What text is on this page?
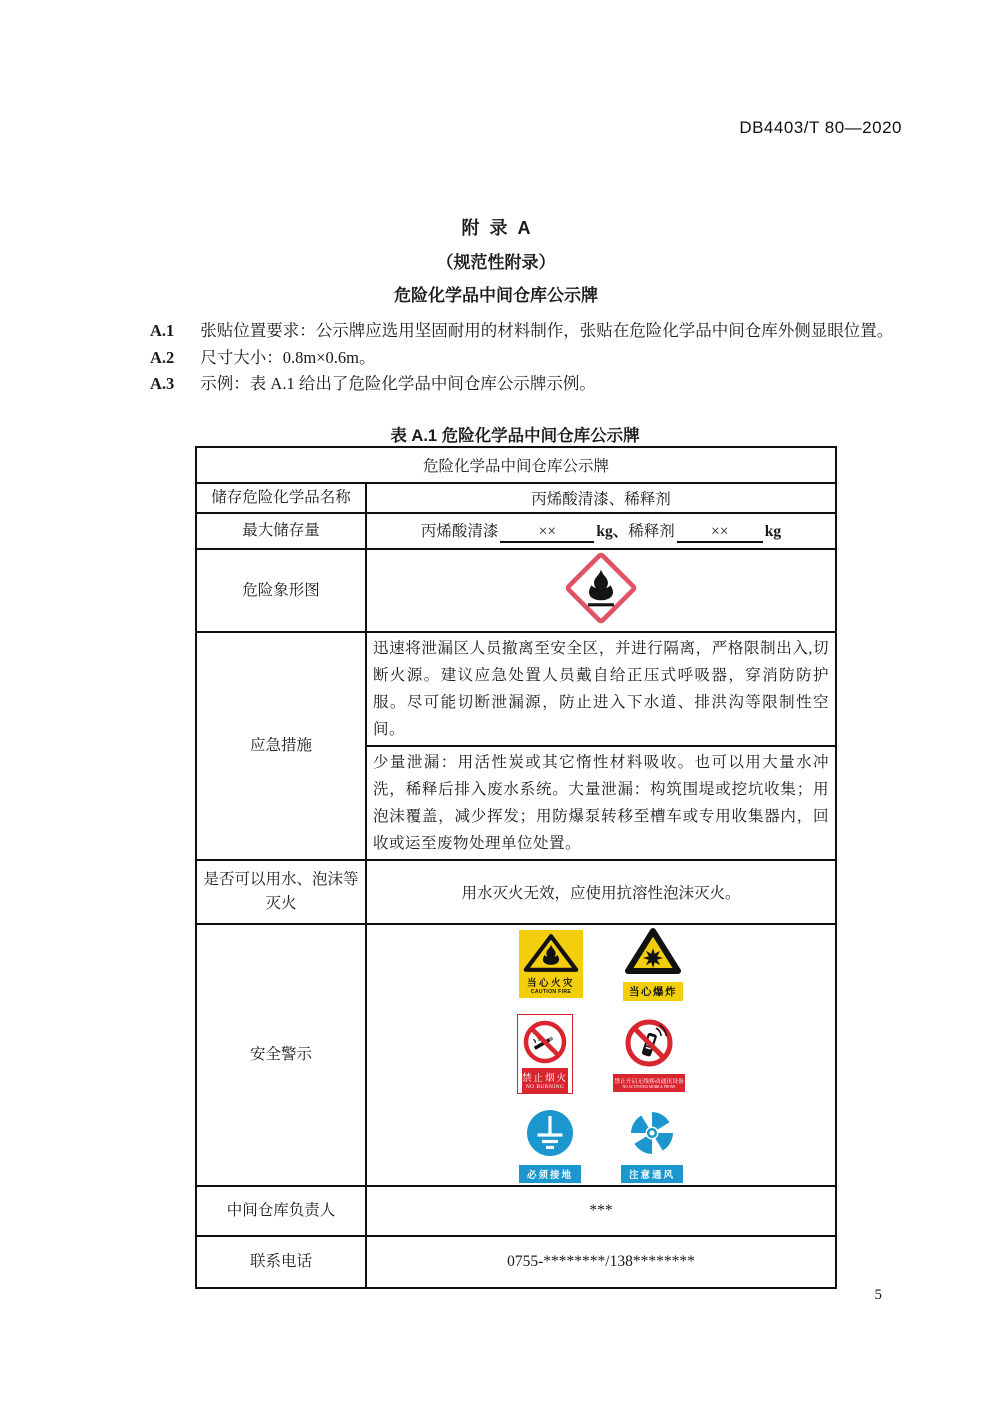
DB4403/T 80—2020
附  录  A
（规范性附录）
危险化学品中间仓库公示牌

A.1 张贴位置要求：公示牌应选用坚固耐用的材料制作，张贴在危险化学品中间仓库外侧显眼位置。

A.2 尺寸大小：0.8m×0.6m。

A.3 示例：表 A.1 给出了危险化学品中间仓库公示牌示例。

表 A.1 危险化学品中间仓库公示牌
危险化学品中间仓库公示牌	
储存危险化学品名称	丙烯酸清漆、稀释剂
最大储存量	丙烯酸清漆 ×× kg、稀释剂 ×× kg
危险象形图	
应急措施	迅速将泄漏区人员撤离至安全区，并进行隔离，严格限制出入,切断火源。建议应急处置人员戴自给正压式呼吸器，穿消防防护服。尽可能切断泄漏源，防止进入下水道、排洪沟等限制性空间。
	少量泄漏：用活性炭或其它惰性材料吸收。也可以用大量水冲洗，稀释后排入废水系统。大量泄漏：构筑围堤或挖坑收集；用泡沫覆盖，减少挥发；用防爆泵转移至槽车或专用收集器内，回收或运至废物处理单位处置。
是否可以用水、泡沫等灭火	用水灭火无效，应使用抗溶性泡沫灭火。
安全警示	
当心火灾
CAUTION FIRE	当心爆炸
禁止烟火
NO BURNING
禁止开启无线移动通讯设备
NO ACTIVATED MOBILE PHONE
必须接地	注意通风

中间仓库负责人	***
联系电话	0755-********/138********
5
